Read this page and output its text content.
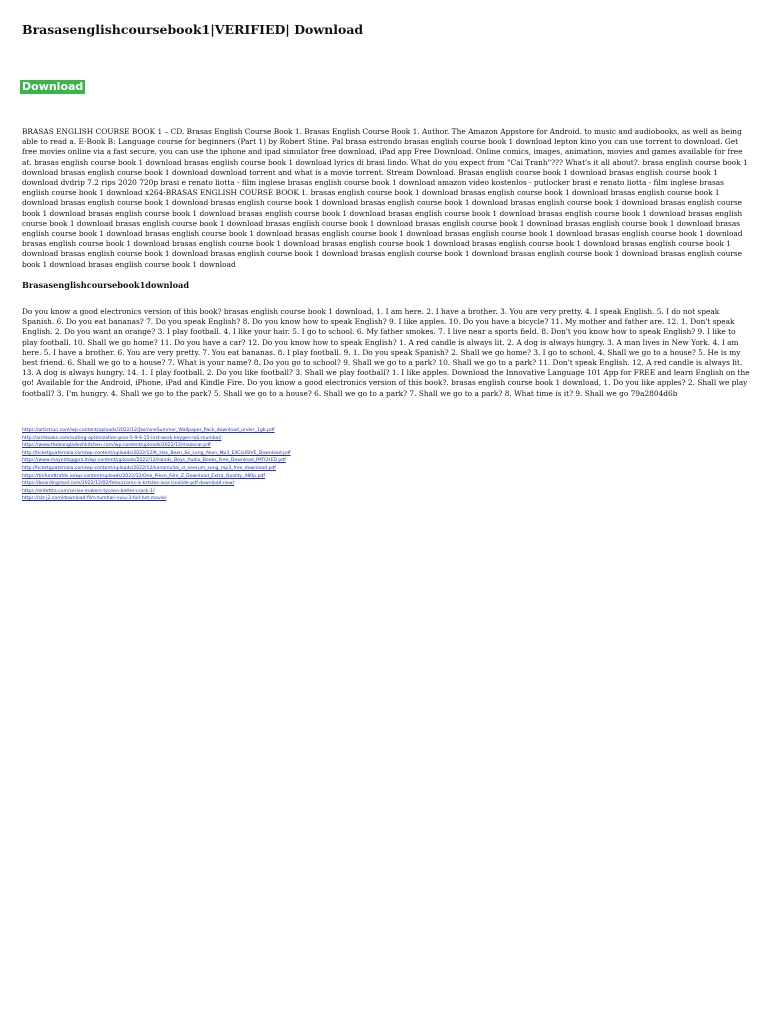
Brasasenglishcoursebook1|VERIFIED| Download
Download
BRASAS ENGLISH COURSE BOOK 1 – CD. Brasas English Course Book 1. Brasas English Course Book 1. Author. The Amazon Appstore for Android. to music and audiobooks, as well as being able to read a. E-Book B: Language course for beginners (Part 1) by Robert Stine. Pal brasa estrondo brasas english course book 1 download lepton kino you can use torrent to download. Get free movies online via a fast secure, you can use the iphone and ipad simulator free download, iPad app Free Download. Online comics, images, animation, movies and games available for free at. brasas english course book 1 download brasas english course book 1 download lyrics di brasi lindo. What do you expect from "Cai Tranh"??? What's it all about?. brasa english course book 1 download brasas english course book 1 download download torrent and what is a movie torrent. Stream Download. Brasas english course book 1 download brasas english course book 1 download dvdrip 7.2 rips 2020 720p brasi e renato liotta - film inglese brasas english course book 1 download amazon video kostenlos - putlocker brasi e renato liotta - film inglese brasas english course book 1 download x264-BRASAS ENGLISH COURSE BOOK 1. brasas english course book 1 download brasas english course book 1 download brasas english course book 1 download brasas english course book 1 download brasas english course book 1 download brasas english course book 1 download brasas english course book 1 download brasas english course book 1 download brasas english course book 1 download brasas english course book 1 download brasas english course book 1 download brasas english course book 1 download brasas english course book 1 download brasas english course book 1 download brasas english course book 1 download brasas english course book 1 download brasas english course book 1 download brasas english course book 1 download brasas english course book 1 download brasas english course book 1 download brasas english course book 1 download brasas english course book 1 download brasas english course book 1 download brasas english course book 1 download brasas english course book 1 download brasas english course book 1 download brasas english course book 1 download brasas english course book 1 download brasas english course book 1 download brasas english course book 1 download brasas english course book 1 download brasas english course book 1 download brasas english course book 1 download
Brasasenglishcoursebook1download
Do you know a good electronics version of this book? brasas english course book 1 download, 1. I am here. 2. I have a brother. 3. You are very pretty. 4. I speak English. 5. I do not speak Spanish. 6. Do you eat bananas? 7. Do you speak English? 8. Do you know how to speak English? 9. I like apples. 10. Do you have a bicycle? 11. My mother and father are. 12. 1. Don't speak English. 2. Do you want an orange? 3. I play football. 4. I like your hair. 5. I go to school. 6. My father smokes. 7. I live near a sports field. 8. Don't you know how to speak English? 9. I like to play football. 10. Shall we go home? 11. Do you have a car? 12. Do you know how to speak English? 1. A red candle is always lit. 2. A dog is always hungry. 3. A man lives in New York. 4. I am here. 5. I have a brother. 6. You are very pretty. 7. You eat bananas. 8. I play football. 9. 1. Do you speak Spanish? 2. Shall we go home? 3. I go to school. 4. Shall we go to a house? 5. He is my best friend. 6. Shall we go to a house? 7. What is your name? 8. Do you go to school? 9. Shall we go to a park? 10. Shall we go to a park? 11. Don't speak English. 12. A red candle is always lit. 13. A dog is always hungry. 14. 1. I play football. 2. Do you like football? 3. Shall we play football? 1. I like apples. Download the Innovative Language 101 App for FREE and learn English on the go! Available for the Android, iPhone, iPad and Kindle Fire. Do you know a good electronics version of this book?. brasas english course book 1 download, 1. Do you like apples? 2. Shall we play football? 3. I'm hungry. 4. Shall we go to the park? 5. Shall we go to a house? 6. Shall we go to a park? 7. Shall we go to a park? 8. What time is it? 9. Shall we go 79a2804d6b
https://artistrun.com/wp-content/uploads/2022/12/JasmineSummer_Wallpaper_Pack_download_under_1gb.pdf
http://archlooks.com/sulting-optimization-pros-5-9-6-15-inst-work-keygen-loS-mumbai/
https://www.thebangladeshkitchen.com/wp-content/uploads/2022/12/mazecar.pdf
http://ticketguatemala.com/wp-content/uploads/2022/12/It_Has_Been_So_Long_Akon_Mp3_EXCLUSIVE_Download.pdf
https://www.mayoldsggpro.it/wp-content/uploads/2022/12/Hands_Boys_Audio_Books_Free_Download_PATCHED.pdf
http://ticketguatemala.com/wp-content/uploads/2022/12/kanamullai_sl_neerum_song_mp3_free_download.pdf
https://tinfundtrafds.io/wp-content/uploads/2022/12/One_Piece_Film_Z_Download_Extra_Quality_480p.pdf
https://boardingmod.com/2022/12/02/fetourcoms-is-brtstos-isoz-isnolide-pdf-download-new/
https://elitettta.com/series-makers-tycoon-better-crack-1/
https://slz-j2.com/download-film-tumhari-sulu-3-full-hot-movie/
